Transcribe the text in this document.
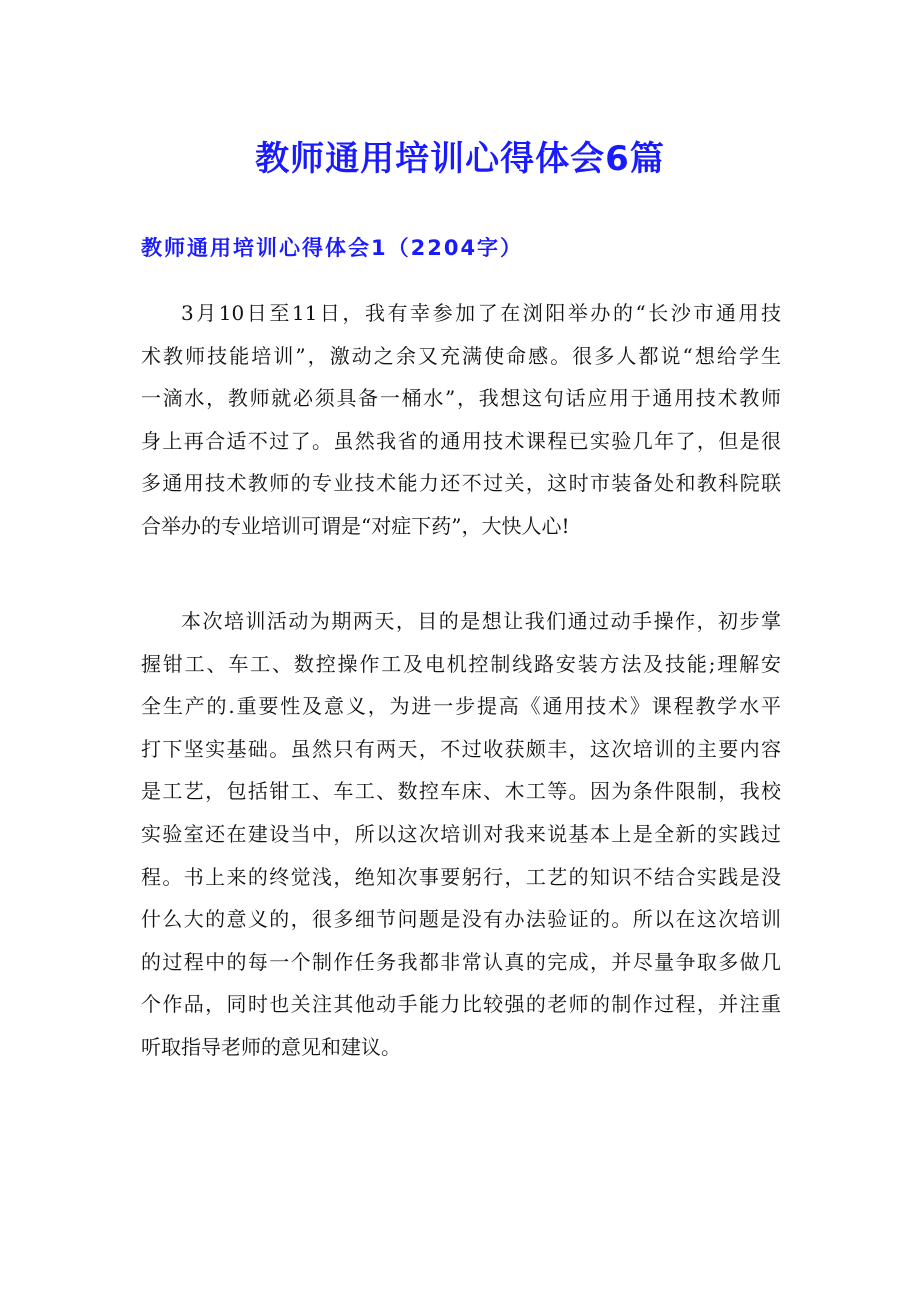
教师通用培训心得体会6篇
教师通用培训心得体会1（2204字）
3月10日至11日，我有幸参加了在浏阳举办的“长沙市通用技
术教师技能培训”，激动之余又充满使命感。很多人都说“想给学生
一滴水，教师就必须具备一桶水”，我想这句话应用于通用技术教师
身上再合适不过了。虽然我省的通用技术课程已实验几年了，但是很
多通用技术教师的专业技术能力还不过关，这时市装备处和教科院联
合举办的专业培训可谓是“对症下药”，大快人心!
本次培训活动为期两天，目的是想让我们通过动手操作，初步掌
握钳工、车工、数控操作工及电机控制线路安装方法及技能;理解安
全生产的.重要性及意义，为进一步提高《通用技术》课程教学水平
打下坚实基础。虽然只有两天，不过收获颇丰，这次培训的主要内容
是工艺，包括钳工、车工、数控车床、木工等。因为条件限制，我校
实验室还在建设当中，所以这次培训对我来说基本上是全新的实践过
程。书上来的终觉浅，绝知次事要躬行，工艺的知识不结合实践是没
什么大的意义的，很多细节问题是没有办法验证的。所以在这次培训
的过程中的每一个制作任务我都非常认真的完成，并尽量争取多做几
个作品，同时也关注其他动手能力比较强的老师的制作过程，并注重
听取指导老师的意见和建议。
